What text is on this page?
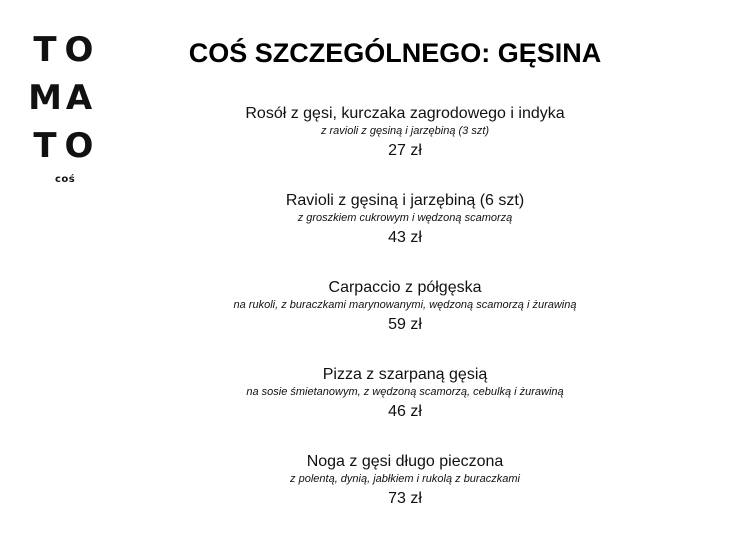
T O
M A
T O
coś
COŚ SZCZEGÓLNEGO: GĘSINA
Rosół z gęsi, kurczaka zagrodowego i indyka
z ravioli z gęsiną i jarzębiną (3 szt)
27 zł
Ravioli z gęsiną i jarzębiną (6 szt)
z groszkiem cukrowym i wędzoną scamorzą
43 zł
Carpaccio z półgęska
na rukoli, z buraczkami marynowanymi, wędzoną scamorzą i żurawiną
59 zł
Pizza z szarpaną gęsią
na sosie śmietanowym, z wędzoną scamorzą, cebulką i żurawiną
46 zł
Noga z gęsi długo pieczona
z polentą, dynią, jabłkiem i rukolą z buraczkami
73 zł
